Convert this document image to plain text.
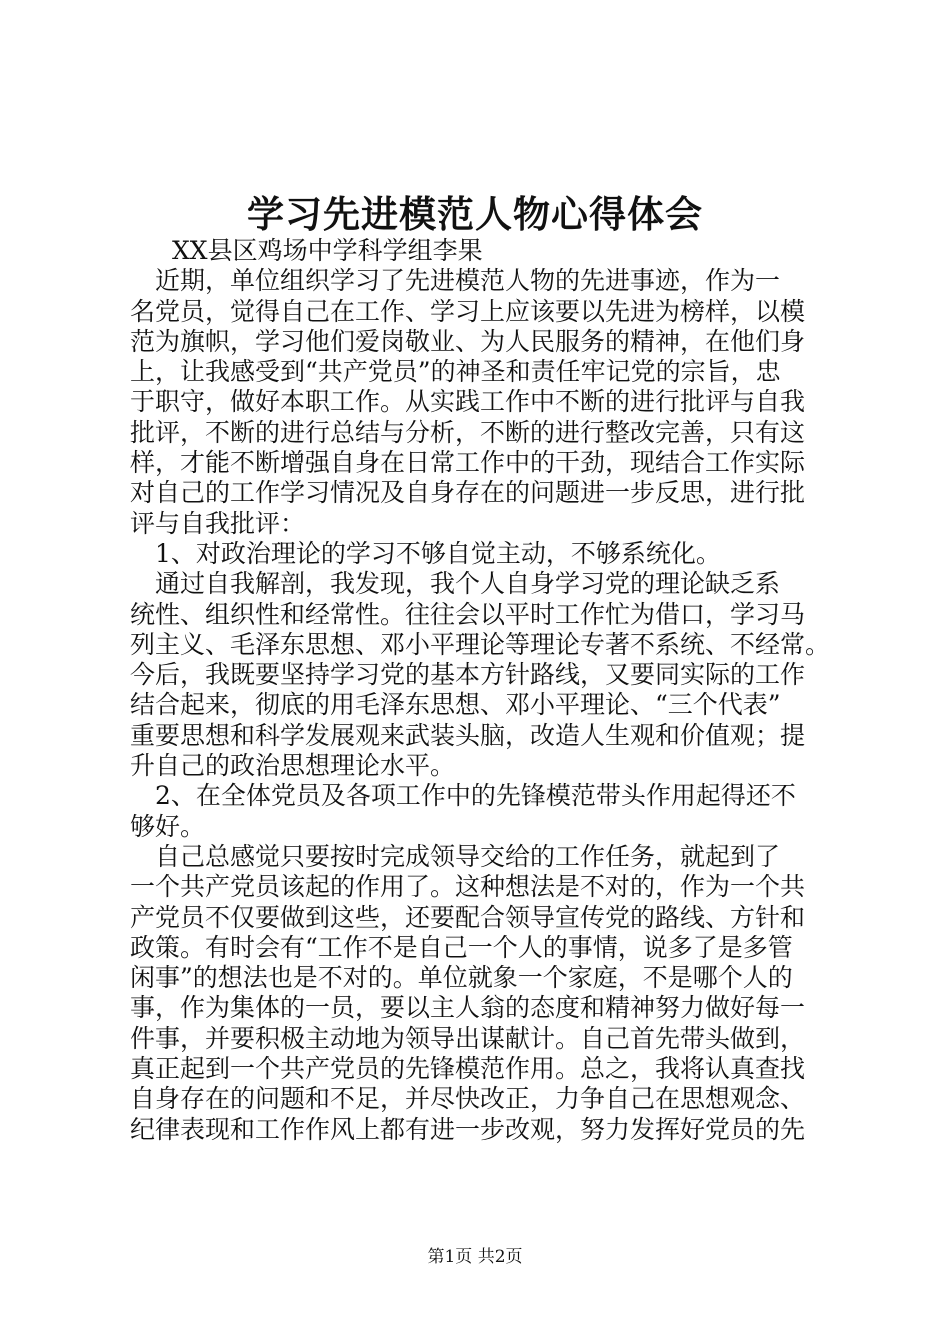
学习先进模范人物心得体会
XX县区鸡场中学科学组李果
　近期，单位组织学习了先进模范人物的先进事迹，作为一
名党员，觉得自己在工作、学习上应该要以先进为榜样，以模
范为旗帜，学习他们爱岗敬业、为人民服务的精神，在他们身
上，让我感受到“共产党员”的神圣和责任牢记党的宗旨，忠
于职守，做好本职工作。从实践工作中不断的进行批评与自我
批评，不断的进行总结与分析，不断的进行整改完善，只有这
样，才能不断增强自身在日常工作中的干劲，现结合工作实际
对自己的工作学习情况及自身存在的问题进一步反思，进行批
评与自我批评：
　1、对政治理论的学习不够自觉主动，不够系统化。
　通过自我解剖，我发现，我个人自身学习党的理论缺乏系
统性、组织性和经常性。往往会以平时工作忙为借口，学习马
列主义、毛泽东思想、邓小平理论等理论专著不系统、不经常。
今后，我既要坚持学习党的基本方针路线，又要同实际的工作
结合起来，彻底的用毛泽东思想、邓小平理论、“三个代表”
重要思想和科学发展观来武装头脑，改造人生观和价值观；提
升自己的政治思想理论水平。
　2、在全体党员及各项工作中的先锋模范带头作用起得还不
够好。
　自己总感觉只要按时完成领导交给的工作任务，就起到了
一个共产党员该起的作用了。这种想法是不对的，作为一个共
产党员不仅要做到这些，还要配合领导宣传党的路线、方针和
政策。有时会有“工作不是自己一个人的事情，说多了是多管
闲事”的想法也是不对的。单位就象一个家庭，不是哪个人的
事，作为集体的一员，要以主人翁的态度和精神努力做好每一
件事，并要积极主动地为领导出谋献计。自己首先带头做到，
真正起到一个共产党员的先锋模范作用。总之，我将认真查找
自身存在的问题和不足，并尽快改正，力争自己在思想观念、
纪律表现和工作作风上都有进一步改观，努力发挥好党员的先
第1页 共2页
